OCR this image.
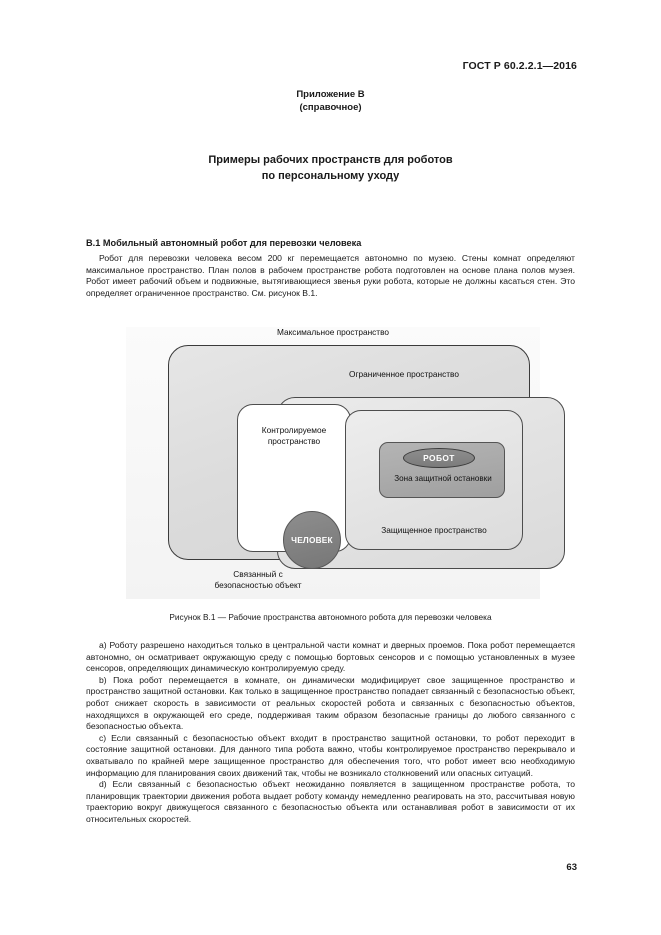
ГОСТ Р 60.2.2.1—2016
Приложение В
(справочное)
Примеры рабочих пространств для роботов
по персональному уходу
В.1 Мобильный автономный робот для перевозки человека
Робот для перевозки человека весом 200 кг перемещается автономно по музею. Стены комнат определяют максимальное пространство. План полов в рабочем пространстве робота подготовлен на основе плана полов музея. Робот имеет рабочий объем и подвижные, вытягивающиеся звенья руки робота, которые не должны касаться стен. Это определяет ограниченное пространство. См. рисунок В.1.
Максимальное пространство
Ограниченное пространство
Контролируемое
пространство
Защищенное пространство
РОБОТ
Зона защитной остановки
ЧЕЛОВЕК
Связанный с
безопасностью объект
Рисунок В.1 — Рабочие пространства автономного робота для перевозки человека
a) Роботу разрешено находиться только в центральной части комнат и дверных проемов. Пока робот перемещается автономно, он осматривает окружающую среду с помощью бортовых сенсоров и с помощью установленных в музее сенсоров, определяющих динамическую контролируемую среду.
b) Пока робот перемещается в комнате, он динамически модифицирует свое защищенное пространство и пространство защитной остановки. Как только в защищенное пространство попадает связанный с безопасностью объект, робот снижает скорость в зависимости от реальных скоростей робота и связанных с безопасностью объектов, находящихся в окружающей его среде, поддерживая таким образом безопасные границы до любого связанного с безопасностью объекта.
c) Если связанный с безопасностью объект входит в пространство защитной остановки, то робот переходит в состояние защитной остановки. Для данного типа робота важно, чтобы контролируемое пространство перекрывало и охватывало по крайней мере защищенное пространство для обеспечения того, что робот имеет всю необходимую информацию для планирования своих движений так, чтобы не возникало столкновений или опасных ситуаций.
d) Если связанный с безопасностью объект неожиданно появляется в защищенном пространстве робота, то планировщик траектории движения робота выдает роботу команду немедленно реагировать на это, рассчитывая новую траекторию вокруг движущегося связанного с безопасностью объекта или останавливая робот в зависимости от их относительных скоростей.
63
